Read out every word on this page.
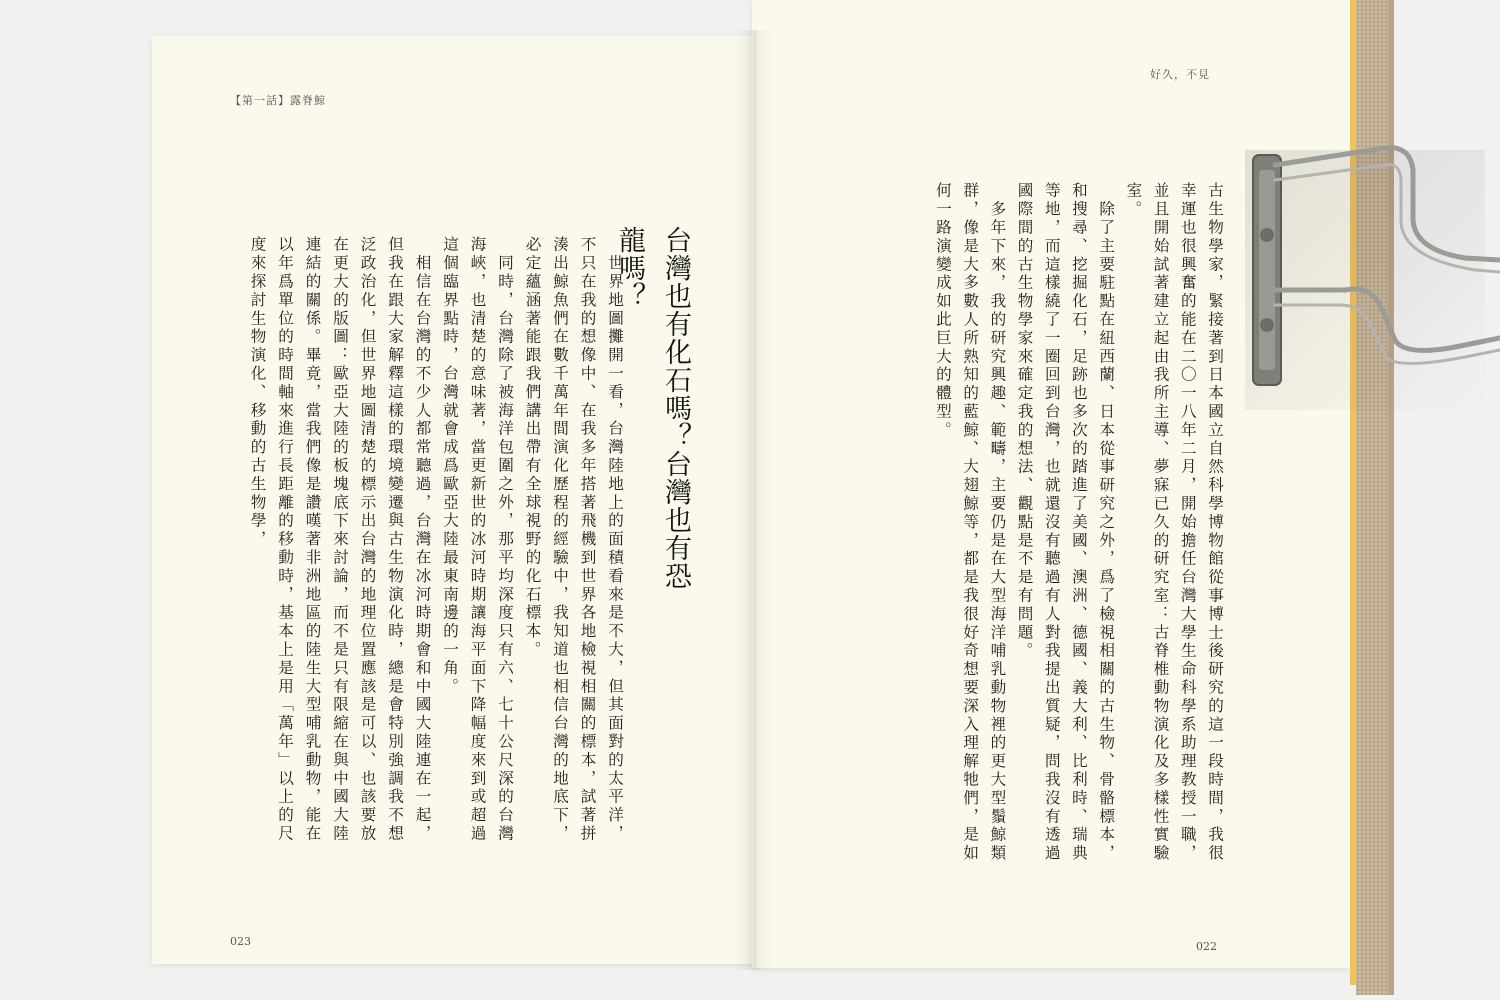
【第一話】露脊鯨
好久，不見
台灣也有化石嗎？台灣也有恐龍嗎？

　世界地圖攤開一看，台灣陸地上的面積看來是不大，但其面對的太平洋，不只在我的想像中、在我多年搭著飛機到世界各地檢視相關的標本，試著拼湊出鯨魚們在數千萬年間演化歷程的經驗中，我知道也相信台灣的地底下，必定蘊涵著能跟我們講出帶有全球視野的化石標本。

　同時，台灣除了被海洋包圍之外，那平均深度只有六、七十公尺深的台灣海峽，也清楚的意味著，當更新世的冰河時期讓海平面下降幅度來到或超過這個臨界點時，台灣就會成爲歐亞大陸最東南邊的一角。

　相信在台灣的不少人都常聽過，台灣在冰河時期會和中國大陸連在一起，但我在跟大家解釋這樣的環境變遷與古生物演化時，總是會特別強調我不想泛政治化，但世界地圖清楚的標示出台灣的地理位置應該是可以、也該要放在更大的版圖：歐亞大陸的板塊底下來討論，而不是只有限縮在與中國大陸連結的關係。畢竟，當我們像是讚嘆著非洲地區的陸生大型哺乳動物，能在以年爲單位的時間軸來進行長距離的移動時，基本上是用「萬年」以上的尺度來探討生物演化、移動的古生物學，	古生物學家，緊接著到日本國立自然科學博物館從事博士後研究的這一段時間，我很幸運也很興奮的能在二〇一八年二月，開始擔任台灣大學生命科學系助理教授一職，並且開始試著建立起由我所主導、夢寐已久的研究室：古脊椎動物演化及多樣性實驗室。

　除了主要駐點在紐西蘭、日本從事研究之外，爲了檢視相關的古生物、骨骼標本，和搜尋、挖掘化石，足跡也多次的踏進了美國、澳洲、德國、義大利、比利時、瑞典等地，而這樣繞了一圈回到台灣，也就還沒有聽過有人對我提出質疑，問我沒有透過國際間的古生物學家來確定我的想法、觀點是不是有問題。

　多年下來，我的研究興趣、範疇，主要仍是在大型海洋哺乳動物裡的更大型鬚鯨類群，像是大多數人所熟知的藍鯨、大翅鯨等，都是我很好奇想要深入理解牠們，是如何一路演變成如此巨大的體型。

023	022
